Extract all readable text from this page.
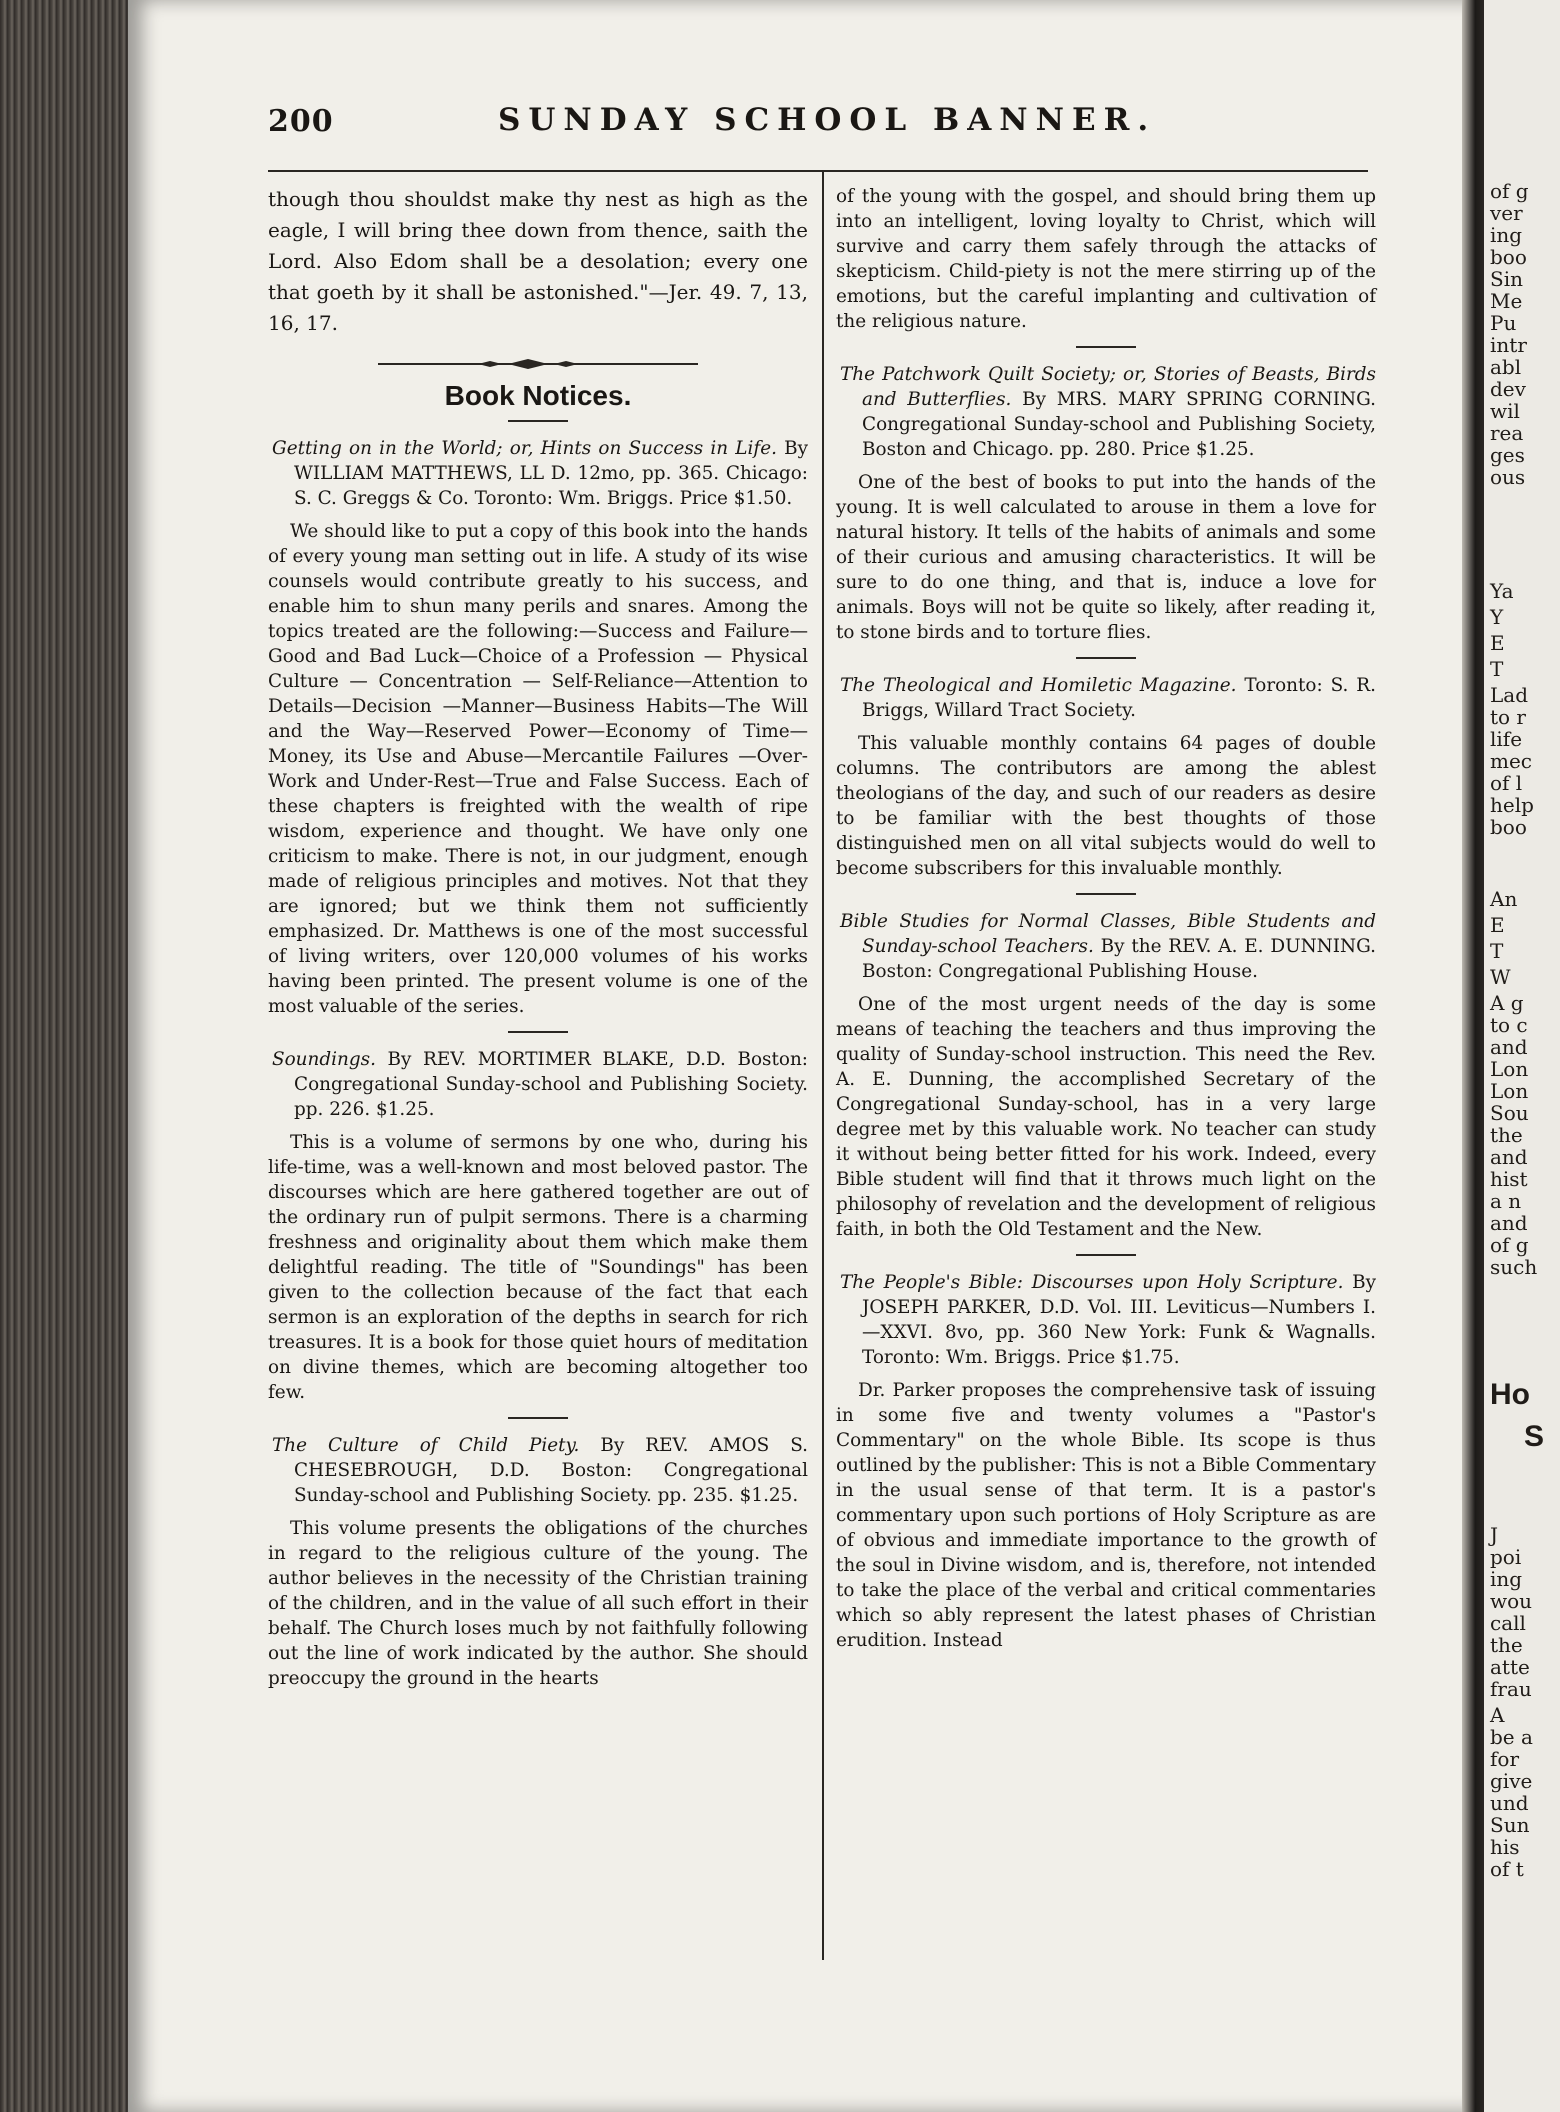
200	SUNDAY SCHOOL BANNER.

though thou shouldst make thy nest as high as the eagle, I will bring thee down from thence, saith the Lord. Also Edom shall be a desolation; every one that goeth by it shall be astonished."—Jer. 49. 7, 13, 16, 17.

Book Notices.

Getting on in the World; or, Hints on Success in Life. By WILLIAM MATTHEWS, LL D. 12mo, pp. 365. Chicago: S. C. Greggs & Co. Toronto: Wm. Briggs. Price $1.50.

We should like to put a copy of this book into the hands of every young man setting out in life. A study of its wise counsels would contribute greatly to his success, and enable him to shun many perils and snares. Among the topics treated are the following:—Success and Failure—Good and Bad Luck—Choice of a Profession — Physical Culture — Concentration — Self-Reliance—Attention to Details—Decision —Manner—Business Habits—The Will and the Way—Reserved Power—Economy of Time—Money, its Use and Abuse—Mercantile Failures —Over-Work and Under-Rest—True and False Success. Each of these chapters is freighted with the wealth of ripe wisdom, experience and thought. We have only one criticism to make. There is not, in our judgment, enough made of religious principles and motives. Not that they are ignored; but we think them not sufficiently emphasized. Dr. Matthews is one of the most successful of living writers, over 120,000 volumes of his works having been printed. The present volume is one of the most valuable of the series.

Soundings. By REV. MORTIMER BLAKE, D.D. Boston: Congregational Sunday-school and Publishing Society. pp. 226. $1.25.

This is a volume of sermons by one who, during his life-time, was a well-known and most beloved pastor. The discourses which are here gathered together are out of the ordinary run of pulpit sermons. There is a charming freshness and originality about them which make them delightful reading. The title of "Soundings" has been given to the collection because of the fact that each sermon is an exploration of the depths in search for rich treasures. It is a book for those quiet hours of meditation on divine themes, which are becoming altogether too few.

The Culture of Child Piety. By REV. AMOS S. CHESEBROUGH, D.D. Boston: Congregational Sunday-school and Publishing Society. pp. 235. $1.25.

This volume presents the obligations of the churches in regard to the religious culture of the young. The author believes in the necessity of the Christian training of the children, and in the value of all such effort in their behalf. The Church loses much by not faithfully following out the line of work indicated by the author. She should preoccupy the ground in the hearts

of the young with the gospel, and should bring them up into an intelligent, loving loyalty to Christ, which will survive and carry them safely through the attacks of skepticism. Child-piety is not the mere stirring up of the emotions, but the careful implanting and cultivation of the religious nature.

The Patchwork Quilt Society; or, Stories of Beasts, Birds and Butterflies. By MRS. MARY SPRING CORNING. Congregational Sunday-school and Publishing Society, Boston and Chicago. pp. 280. Price $1.25.

One of the best of books to put into the hands of the young. It is well calculated to arouse in them a love for natural history. It tells of the habits of animals and some of their curious and amusing characteristics. It will be sure to do one thing, and that is, induce a love for animals. Boys will not be quite so likely, after reading it, to stone birds and to torture flies.

The Theological and Homiletic Magazine. Toronto: S. R. Briggs, Willard Tract Society.

This valuable monthly contains 64 pages of double columns. The contributors are among the ablest theologians of the day, and such of our readers as desire to be familiar with the best thoughts of those distinguished men on all vital subjects would do well to become subscribers for this invaluable monthly.

Bible Studies for Normal Classes, Bible Students and Sunday-school Teachers. By the REV. A. E. DUNNING. Boston: Congregational Publishing House.

One of the most urgent needs of the day is some means of teaching the teachers and thus improving the quality of Sunday-school instruction. This need the Rev. A. E. Dunning, the accomplished Secretary of the Congregational Sunday-school, has in a very large degree met by this valuable work. No teacher can study it without being better fitted for his work. Indeed, every Bible student will find that it throws much light on the philosophy of revelation and the development of religious faith, in both the Old Testament and the New.

The People's Bible: Discourses upon Holy Scripture. By JOSEPH PARKER, D.D. Vol. III. Leviticus—Numbers I.—XXVI. 8vo, pp. 360 New York: Funk & Wagnalls. Toronto: Wm. Briggs. Price $1.75.

Dr. Parker proposes the comprehensive task of issuing in some five and twenty volumes a "Pastor's Commentary" on the whole Bible. Its scope is thus outlined by the publisher: This is not a Bible Commentary in the usual sense of that term. It is a pastor's commentary upon such portions of Holy Scripture as are of obvious and immediate importance to the growth of the soul in Divine wisdom, and is, therefore, not intended to take the place of the verbal and critical commentaries which so ably represent the latest phases of Christian erudition. Instead

of g
ver
ing
boo
Sin
Me
Pu
intr
abl
dev
wil
rea
ges
ous
Ya
Y
E
T
Lad
to r
life
mec
of l
help
boo
An
E
T
W
A g
to c
and
Lon
Lon
Sou
the
and
hist
a n
and
of g
such
Ho
S
J
poi
ing
wou
call
the
atte
frau
A
be a
for
give
und
Sun
his
of t
